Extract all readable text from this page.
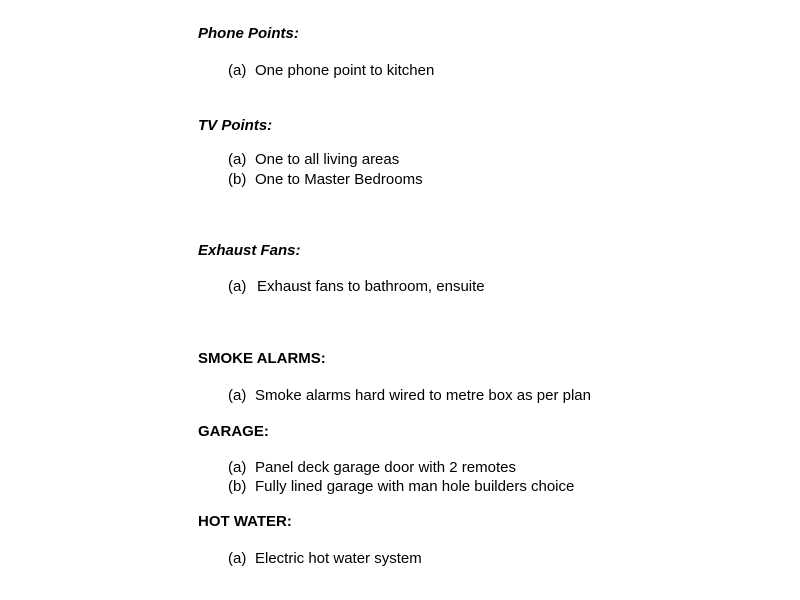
Phone Points:
(a) One phone point to kitchen
TV Points:
(a) One to all living areas
(b) One to Master Bedrooms
Exhaust Fans:
(a) Exhaust fans to bathroom, ensuite
SMOKE ALARMS:
(a) Smoke alarms hard wired to metre box as per plan
GARAGE:
(a) Panel deck garage door with 2 remotes
(b) Fully lined garage with man hole builders choice
HOT WATER:
(a) Electric hot water system
